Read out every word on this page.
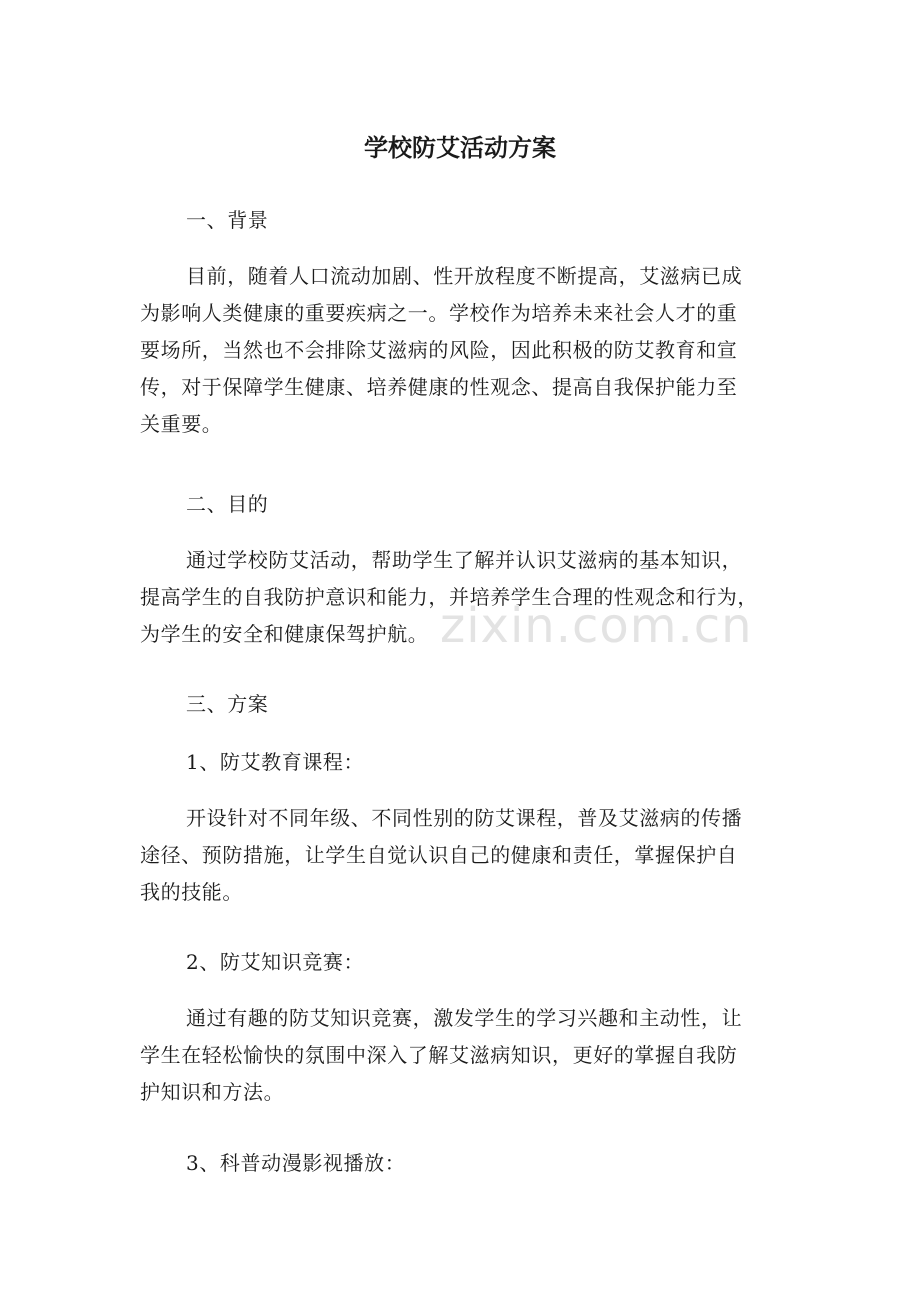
学校防艾活动方案

一、背景

目前，随着人口流动加剧、性开放程度不断提高，艾滋病已成
为影响人类健康的重要疾病之一。学校作为培养未来社会人才的重
要场所，当然也不会排除艾滋病的风险，因此积极的防艾教育和宣
传，对于保障学生健康、培养健康的性观念、提高自我保护能力至
关重要。

二、目的

通过学校防艾活动，帮助学生了解并认识艾滋病的基本知识，
提高学生的自我防护意识和能力，并培养学生合理的性观念和行为，
为学生的安全和健康保驾护航。

三、方案

1、防艾教育课程：

开设针对不同年级、不同性别的防艾课程，普及艾滋病的传播
途径、预防措施，让学生自觉认识自己的健康和责任，掌握保护自
我的技能。

2、防艾知识竞赛：

通过有趣的防艾知识竞赛，激发学生的学习兴趣和主动性，让
学生在轻松愉快的氛围中深入了解艾滋病知识，更好的掌握自我防
护知识和方法。

3、科普动漫影视播放：

zixin.com.cn
